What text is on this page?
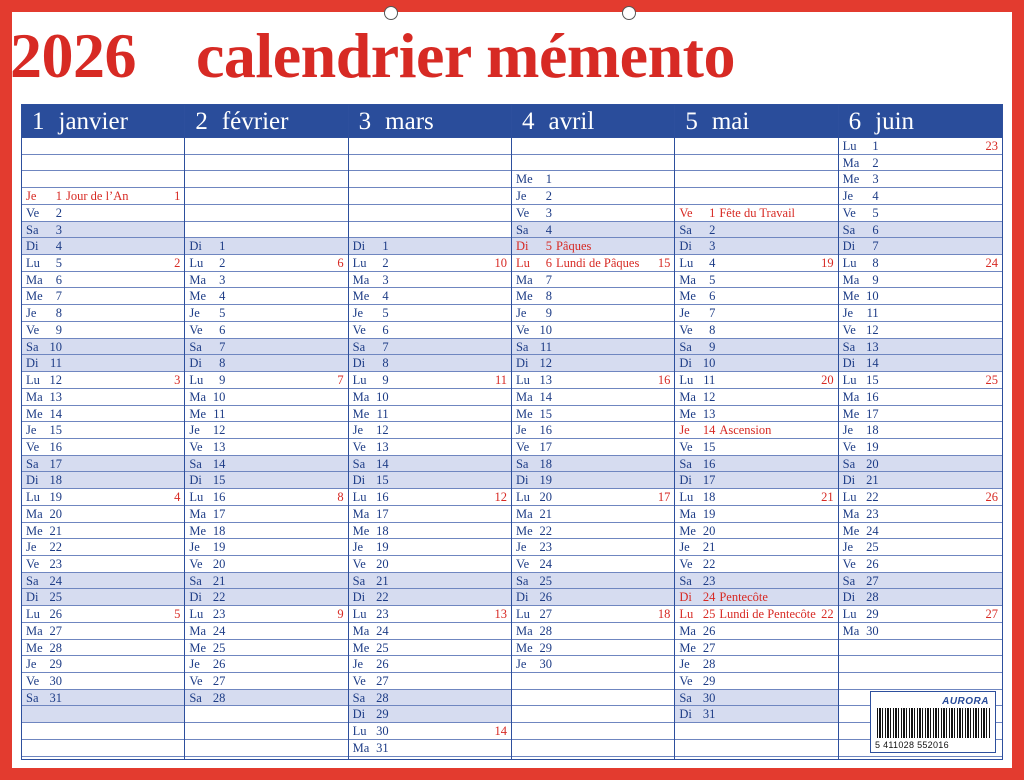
2026 calendrier mémento
1 janvier
Je	1 Jour de l’An	1
Ve	2
Sa	3
Di	4
Lu	5	2
Ma	6
Me	7
Je	8
Ve	9
Sa 10
Di 11
Lu 12	3
Ma 13
Me 14
Je	15
Ve 16
Sa 17
Di 18
Lu 19	4
Ma 20
Me 21
Je	22
Ve 23
Sa 24
Di 25
Lu 26	5
Ma 27
Me 28
Je	29
Ve 30
Sa 31
2 février
Di	1
Lu	2	6
Ma	3
Me	4
Je	5
Ve	6
Sa	7
Di	8
Lu	9	7
Ma 10
Me 11
Je	12
Ve 13
Sa 14
Di 15
Lu 16	8
Ma 17
Me 18
Je	19
Ve 20
Sa 21
Di 22
Lu 23	9
Ma 24
Me 25
Je	26
Ve 27
Sa 28
3 mars
Di	1
Lu	2	10
Ma	3
Me	4
Je	5
Ve	6
Sa	7
Di	8
Lu	9	11
Ma 10
Me 11
Je	12
Ve 13
Sa 14
Di 15
Lu 16	12
Ma 17
Me 18
Je	19
Ve 20
Sa 21
Di 22
Lu 23	13
Ma 24
Me 25
Je	26
Ve 27
Sa 28
Di 29
Lu 30	14
Ma 31
4 avril
Me	1
Je	2
Ve	3
Sa	4
Di	5 Pâques
Lu	6 Lundi de Pâques 15
Ma	7
Me	8
Je	9
Ve 10
Sa 11
Di 12
Lu 13	16
Ma 14
Me 15
Je	16
Ve 17
Sa 18
Di 19
Lu 20	17
Ma 21
Me 22
Je	23
Ve 24
Sa 25
Di 26
Lu 27	18
Ma 28
Me 29
Je	30
5 mai
Ve	1 Fête du Travail
Sa	2
Di	3
Lu	4	19
Ma	5
Me	6
Je	7
Ve	8
Sa	9
Di 10
Lu 11	20
Ma 12
Me 13
Je	14 Ascension
Ve 15
Sa 16
Di 17
Lu 18	21
Ma 19
Me 20
Je	21
Ve 22
Sa 23
Di 24 Pentecôte
Lu 25 Lundi de Pentecôte 22
Ma 26
Me 27
Je	28
Ve 29
Sa 30
Di 31
6 juin
Lu	1	23
Ma	2
Me	3
Je	4
Ve	5
Sa	6
Di	7
Lu	8	24
Ma	9
Me 10
Je	11
Ve 12
Sa 13
Di 14
Lu 15	25
Ma 16
Me 17
Je	18
Ve 19
Sa 20
Di 21
Lu 22	26
Ma 23
Me 24
Je	25
Ve 26
Sa 27
Di 28
Lu 29	27
Ma 30
AURORA
5 411028 552016
